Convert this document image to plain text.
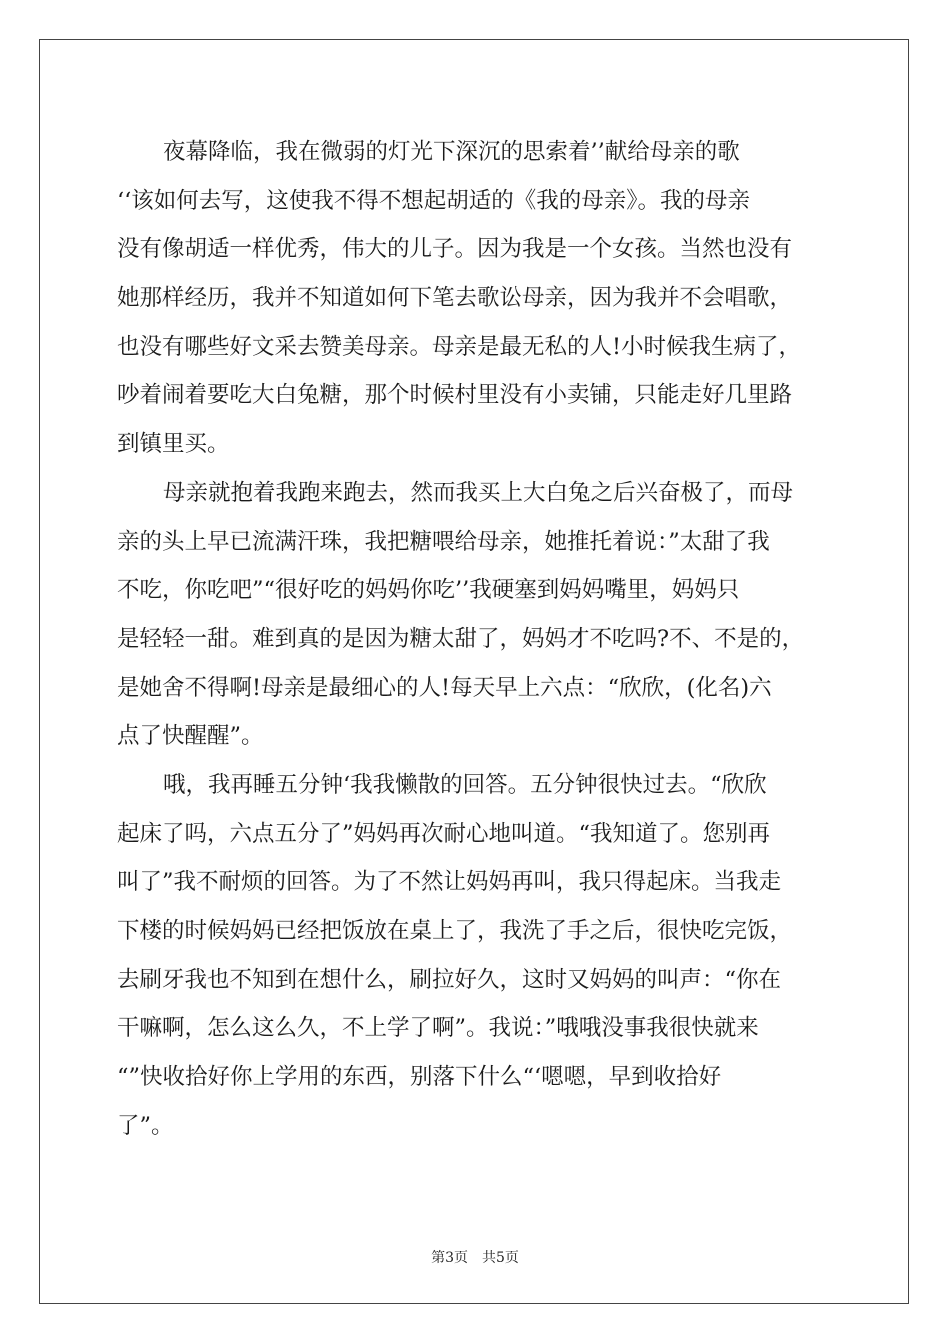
夜幕降临，我在微弱的灯光下深沉的思索着’’献给母亲的歌
‘‘该如何去写，这使我不得不想起胡适的《我的母亲》。我的母亲
没有像胡适一样优秀，伟大的儿子。因为我是一个女孩。当然也没有
她那样经历，我并不知道如何下笔去歌讼母亲，因为我并不会唱歌，
也没有哪些好文采去赞美母亲。母亲是最无私的人!小时候我生病了，
吵着闹着要吃大白兔糖，那个时候村里没有小卖铺，只能走好几里路
到镇里买。
母亲就抱着我跑来跑去，然而我买上大白兔之后兴奋极了，而母
亲的头上早已流满汗珠，我把糖喂给母亲，她推托着说：”太甜了我
不吃，你吃吧”“很好吃的妈妈你吃’’我硬塞到妈妈嘴里，妈妈只
是轻轻一甜。难到真的是因为糖太甜了，妈妈才不吃吗?不、不是的，
是她舍不得啊!母亲是最细心的人!每天早上六点：“欣欣，(化名)六
点了快醒醒”。
哦，我再睡五分钟‘我我懒散的回答。五分钟很快过去。“欣欣
起床了吗，六点五分了”妈妈再次耐心地叫道。“我知道了。您别再
叫了”我不耐烦的回答。为了不然让妈妈再叫，我只得起床。当我走
下楼的时候妈妈已经把饭放在桌上了，我洗了手之后，很快吃完饭，
去刷牙我也不知到在想什么，刷拉好久，这时又妈妈的叫声：“你在
干嘛啊，怎么这么久，不上学了啊”。我说：”哦哦没事我很快就来
“”快收拾好你上学用的东西，别落下什么“‘嗯嗯，早到收拾好
了”。
第3页 共5页
